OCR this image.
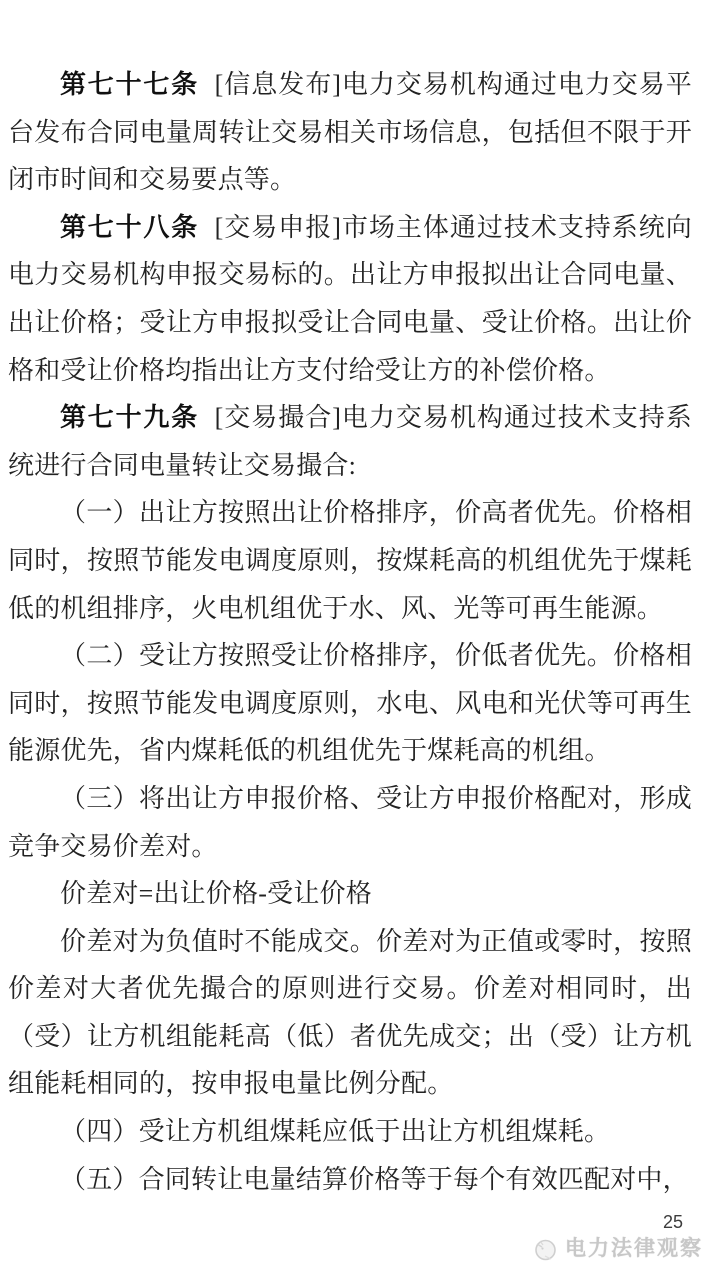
第七十七条 [信息发布]电力交易机构通过电力交易平台发布合同电量周转让交易相关市场信息，包括但不限于开闭市时间和交易要点等。

第七十八条 [交易申报]市场主体通过技术支持系统向电力交易机构申报交易标的。出让方申报拟出让合同电量、出让价格；受让方申报拟受让合同电量、受让价格。出让价格和受让价格均指出让方支付给受让方的补偿价格。

第七十九条 [交易撮合]电力交易机构通过技术支持系统进行合同电量转让交易撮合:

（一）出让方按照出让价格排序，价高者优先。价格相同时，按照节能发电调度原则，按煤耗高的机组优先于煤耗低的机组排序，火电机组优于水、风、光等可再生能源。

（二）受让方按照受让价格排序，价低者优先。价格相同时，按照节能发电调度原则，水电、风电和光伏等可再生能源优先，省内煤耗低的机组优先于煤耗高的机组。

（三）将出让方申报价格、受让方申报价格配对，形成竞争交易价差对。

价差对=出让价格-受让价格

价差对为负值时不能成交。价差对为正值或零时，按照价差对大者优先撮合的原则进行交易。价差对相同时，出（受）让方机组能耗高（低）者优先成交；出（受）让方机组能耗相同的，按申报电量比例分配。

（四）受让方机组煤耗应低于出让方机组煤耗。

（五）合同转让电量结算价格等于每个有效匹配对中，

25
电力法律观察
